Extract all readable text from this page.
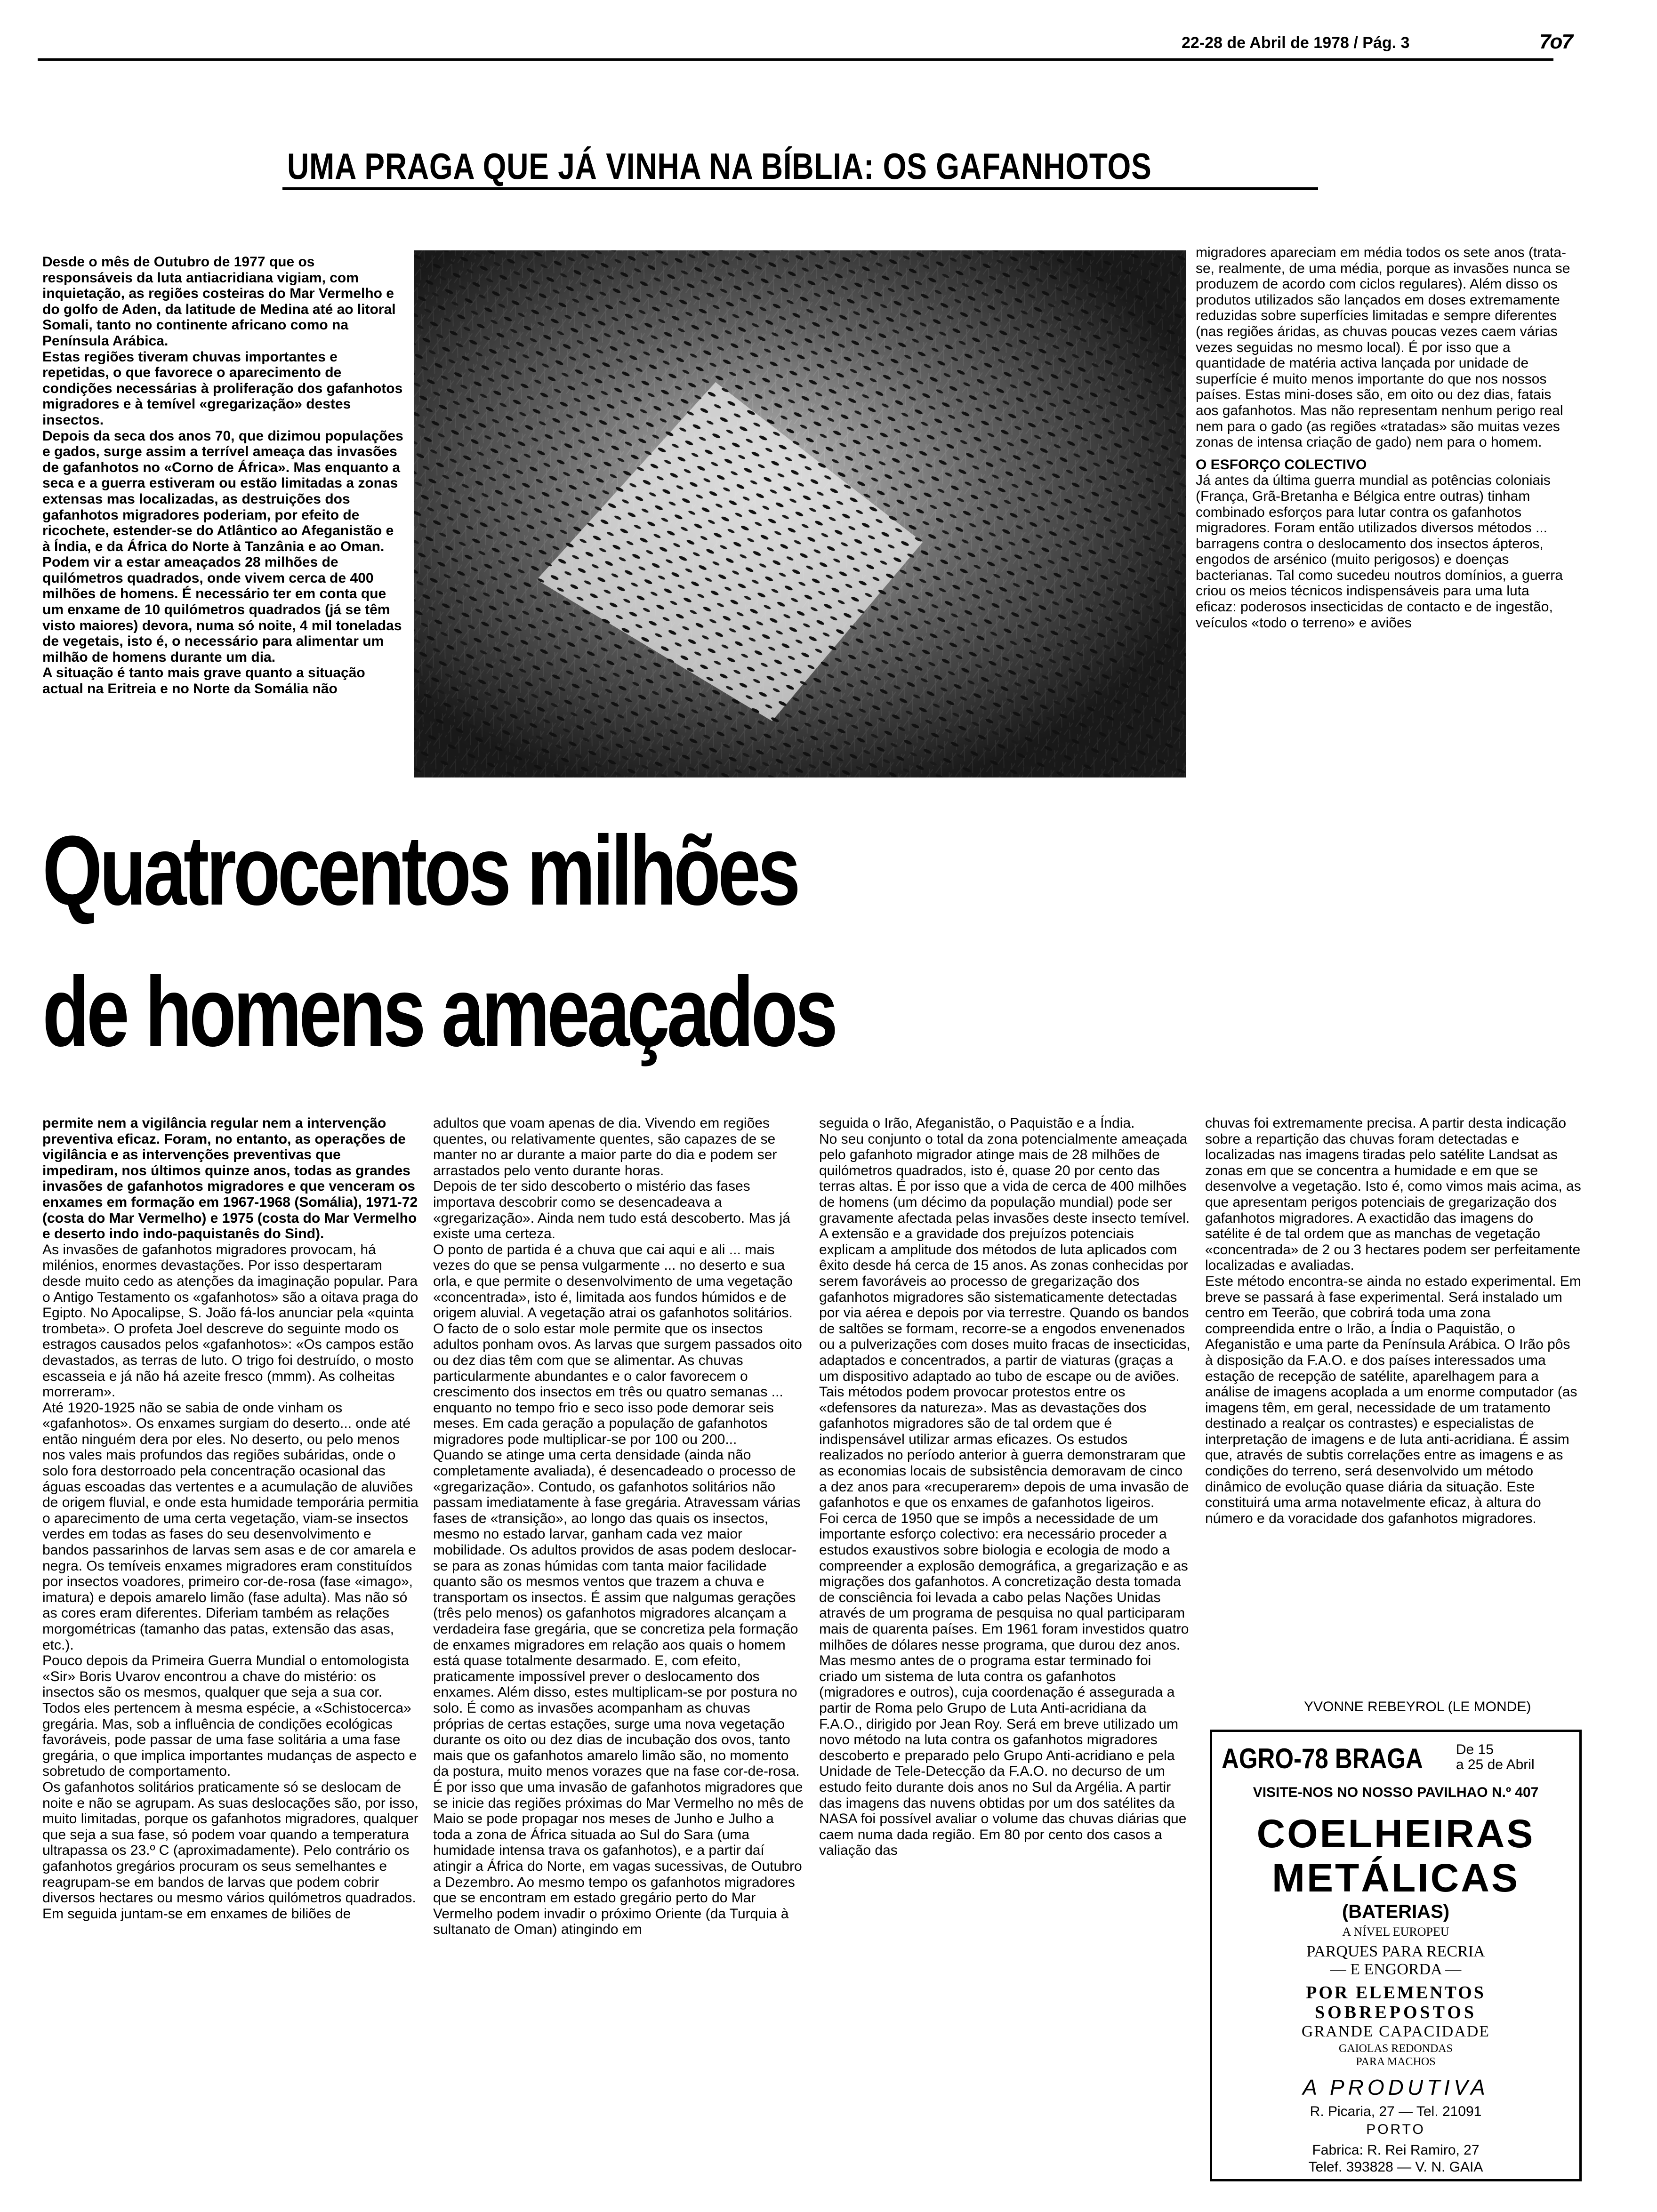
22-28 de Abril de 1978 / Pág. 3	7o7
UMA PRAGA QUE JÁ VINHA NA BÍBLIA: OS GAFANHOTOS

Desde o mês de Outubro de 1977 que os responsáveis da luta antiacridiana vigiam, com inquietação, as regiões costeiras do Mar Vermelho e do golfo de Aden, da latitude de Medina até ao litoral Somali, tanto no continente africano como na Península Arábica.

Estas regiões tiveram chuvas importantes e repetidas, o que favorece o aparecimento de condições necessárias à proliferação dos gafanhotos migradores e à temível «gregarização» destes insectos.

Depois da seca dos anos 70, que dizimou populações e gados, surge assim a terrível ameaça das invasões de gafanhotos no «Corno de África». Mas enquanto a seca e a guerra estiveram ou estão limitadas a zonas extensas mas localizadas, as destruições dos gafanhotos migradores poderiam, por efeito de ricochete, estender-se do Atlântico ao Afeganistão e à Índia, e da África do Norte à Tanzânia e ao Oman.

Podem vir a estar ameaçados 28 milhões de quilómetros quadrados, onde vivem cerca de 400 milhões de homens. É necessário ter em conta que um enxame de 10 quilómetros quadrados (já se têm visto maiores) devora, numa só noite, 4 mil toneladas de vegetais, isto é, o necessário para alimentar um milhão de homens durante um dia.

A situação é tanto mais grave quanto a situação actual na Eritreia e no Norte da Somália não

migradores apareciam em média todos os sete anos (trata-se, realmente, de uma média, porque as invasões nunca se produzem de acordo com ciclos regulares). Além disso os produtos utilizados são lançados em doses extremamente reduzidas sobre superfícies limitadas e sempre diferentes (nas regiões áridas, as chuvas poucas vezes caem várias vezes seguidas no mesmo local). É por isso que a quantidade de matéria activa lançada por unidade de superfície é muito menos importante do que nos nossos países. Estas mini-doses são, em oito ou dez dias, fatais aos gafanhotos. Mas não representam nenhum perigo real nem para o gado (as regiões «tratadas» são muitas vezes zonas de intensa criação de gado) nem para o homem.

O ESFORÇO COLECTIVO

Já antes da última guerra mundial as potências coloniais (França, Grã-Bretanha e Bélgica entre outras) tinham combinado esforços para lutar contra os gafanhotos migradores. Foram então utilizados diversos métodos ... barragens contra o deslocamento dos insectos ápteros, engodos de arsénico (muito perigosos) e doenças bacterianas. Tal como sucedeu noutros domínios, a guerra criou os meios técnicos indispensáveis para uma luta eficaz: poderosos insecticidas de contacto e de ingestão, veículos «todo o terreno» e aviões

Quatrocentos milhões
de homens ameaçados

permite nem a vigilância regular nem a intervenção preventiva eficaz. Foram, no entanto, as operações de vigilância e as intervenções preventivas que impediram, nos últimos quinze anos, todas as grandes invasões de gafanhotos migradores e que venceram os enxames em formação em 1967-1968 (Somália), 1971-72 (costa do Mar Vermelho) e 1975 (costa do Mar Vermelho e deserto indo indo-paquistanês do Sind).

As invasões de gafanhotos migradores provocam, há milénios, enormes devastações. Por isso despertaram desde muito cedo as atenções da imaginação popular. Para o Antigo Testamento os «gafanhotos» são a oitava praga do Egipto. No Apocalipse, S. João fá-los anunciar pela «quinta trombeta». O profeta Joel descreve do seguinte modo os estragos causados pelos «gafanhotos»: «Os campos estão devastados, as terras de luto. O trigo foi destruído, o mosto escasseia e já não há azeite fresco (mmm). As colheitas morreram».

Até 1920-1925 não se sabia de onde vinham os «gafanhotos». Os enxames surgiam do deserto... onde até então ninguém dera por eles. No deserto, ou pelo menos nos vales mais profundos das regiões subáridas, onde o solo fora destorroado pela concentração ocasional das águas escoadas das vertentes e a acumulação de aluviões de origem fluvial, e onde esta humidade temporária permitia o aparecimento de uma certa vegetação, viam-se insectos verdes em todas as fases do seu desenvolvimento e bandos passarinhos de larvas sem asas e de cor amarela e negra. Os temíveis enxames migradores eram constituídos por insectos voadores, primeiro cor-de-rosa (fase «imago», imatura) e depois amarelo limão (fase adulta). Mas não só as cores eram diferentes. Diferiam também as relações morgométricas (tamanho das patas, extensão das asas, etc.).

Pouco depois da Primeira Guerra Mundial o entomologista «Sir» Boris Uvarov encontrou a chave do mistério: os insectos são os mesmos, qualquer que seja a sua cor. Todos eles pertencem à mesma espécie, a «Schistocerca» gregária. Mas, sob a influência de condições ecológicas favoráveis, pode passar de uma fase solitária a uma fase gregária, o que implica importantes mudanças de aspecto e sobretudo de comportamento.

Os gafanhotos solitários praticamente só se deslocam de noite e não se agrupam. As suas deslocações são, por isso, muito limitadas, porque os gafanhotos migradores, qualquer que seja a sua fase, só podem voar quando a temperatura ultrapassa os 23.º C (aproximadamente). Pelo contrário os gafanhotos gregários procuram os seus semelhantes e reagrupam-se em bandos de larvas que podem cobrir diversos hectares ou mesmo vários quilómetros quadrados. Em seguida juntam-se em enxames de biliões de

adultos que voam apenas de dia. Vivendo em regiões quentes, ou relativamente quentes, são capazes de se manter no ar durante a maior parte do dia e podem ser arrastados pelo vento durante horas.

Depois de ter sido descoberto o mistério das fases importava descobrir como se desencadeava a «gregarização». Ainda nem tudo está descoberto. Mas já existe uma certeza.

O ponto de partida é a chuva que cai aqui e ali ... mais vezes do que se pensa vulgarmente ... no deserto e sua orla, e que permite o desenvolvimento de uma vegetação «concentrada», isto é, limitada aos fundos húmidos e de origem aluvial. A vegetação atrai os gafanhotos solitários. O facto de o solo estar mole permite que os insectos adultos ponham ovos. As larvas que surgem passados oito ou dez dias têm com que se alimentar. As chuvas particularmente abundantes e o calor favorecem o crescimento dos insectos em três ou quatro semanas ... enquanto no tempo frio e seco isso pode demorar seis meses. Em cada geração a população de gafanhotos migradores pode multiplicar-se por 100 ou 200...

Quando se atinge uma certa densidade (ainda não completamente avaliada), é desencadeado o processo de «gregarização». Contudo, os gafanhotos solitários não passam imediatamente à fase gregária. Atravessam várias fases de «transição», ao longo das quais os insectos, mesmo no estado larvar, ganham cada vez maior mobilidade. Os adultos providos de asas podem deslocar-se para as zonas húmidas com tanta maior facilidade quanto são os mesmos ventos que trazem a chuva e transportam os insectos. É assim que nalgumas gerações (três pelo menos) os gafanhotos migradores alcançam a verdadeira fase gregária, que se concretiza pela formação de enxames migradores em relação aos quais o homem está quase totalmente desarmado. E, com efeito, praticamente impossível prever o deslocamento dos enxames. Além disso, estes multiplicam-se por postura no solo. É como as invasões acompanham as chuvas próprias de certas estações, surge uma nova vegetação durante os oito ou dez dias de incubação dos ovos, tanto mais que os gafanhotos amarelo limão são, no momento da postura, muito menos vorazes que na fase cor-de-rosa.

É por isso que uma invasão de gafanhotos migradores que se inicie das regiões próximas do Mar Vermelho no mês de Maio se pode propagar nos meses de Junho e Julho a toda a zona de África situada ao Sul do Sara (uma humidade intensa trava os gafanhotos), e a partir daí atingir a África do Norte, em vagas sucessivas, de Outubro a Dezembro. Ao mesmo tempo os gafanhotos migradores que se encontram em estado gregário perto do Mar Vermelho podem invadir o próximo Oriente (da Turquia à sultanato de Oman) atingindo em

seguida o Irão, Afeganistão, o Paquistão e a Índia.

No seu conjunto o total da zona potencialmente ameaçada pelo gafanhoto migrador atinge mais de 28 milhões de quilómetros quadrados, isto é, quase 20 por cento das terras altas. É por isso que a vida de cerca de 400 milhões de homens (um décimo da população mundial) pode ser gravamente afectada pelas invasões deste insecto temível.

A extensão e a gravidade dos prejuízos potenciais explicam a amplitude dos métodos de luta aplicados com êxito desde há cerca de 15 anos. As zonas conhecidas por serem favoráveis ao processo de gregarização dos gafanhotos migradores são sistematicamente detectadas por via aérea e depois por via terrestre. Quando os bandos de saltões se formam, recorre-se a engodos envenenados ou a pulverizações com doses muito fracas de insecticidas, adaptados e concentrados, a partir de viaturas (graças a um dispositivo adaptado ao tubo de escape ou de aviões. Tais métodos podem provocar protestos entre os «defensores da natureza». Mas as devastações dos gafanhotos migradores são de tal ordem que é indispensável utilizar armas eficazes. Os estudos realizados no período anterior à guerra demonstraram que as economias locais de subsistência demoravam de cinco a dez anos para «recuperarem» depois de uma invasão de gafanhotos e que os enxames de gafanhotos ligeiros.

Foi cerca de 1950 que se impôs a necessidade de um importante esforço colectivo: era necessário proceder a estudos exaustivos sobre biologia e ecologia de modo a compreender a explosão demográfica, a gregarização e as migrações dos gafanhotos. A concretização desta tomada de consciência foi levada a cabo pelas Nações Unidas através de um programa de pesquisa no qual participaram mais de quarenta países. Em 1961 foram investidos quatro milhões de dólares nesse programa, que durou dez anos. Mas mesmo antes de o programa estar terminado foi criado um sistema de luta contra os gafanhotos (migradores e outros), cuja coordenação é assegurada a partir de Roma pelo Grupo de Luta Anti-acridiana da F.A.O., dirigido por Jean Roy. Será em breve utilizado um novo método na luta contra os gafanhotos migradores descoberto e preparado pelo Grupo Anti-acridiano e pela Unidade de Tele-Detecção da F.A.O. no decurso de um estudo feito durante dois anos no Sul da Argélia. A partir das imagens das nuvens obtidas por um dos satélites da NASA foi possível avaliar o volume das chuvas diárias que caem numa dada região. Em 80 por cento dos casos a valiação das

chuvas foi extremamente precisa. A partir desta indicação sobre a repartição das chuvas foram detectadas e localizadas nas imagens tiradas pelo satélite Landsat as zonas em que se concentra a humidade e em que se desenvolve a vegetação. Isto é, como vimos mais acima, as que apresentam perigos potenciais de gregarização dos gafanhotos migradores. A exactidão das imagens do satélite é de tal ordem que as manchas de vegetação «concentrada» de 2 ou 3 hectares podem ser perfeitamente localizadas e avaliadas.

Este método encontra-se ainda no estado experimental. Em breve se passará à fase experimental. Será instalado um centro em Teerão, que cobrirá toda uma zona compreendida entre o Irão, a Índia o Paquistão, o Afeganistão e uma parte da Península Arábica. O Irão pôs à disposição da F.A.O. e dos países interessados uma estação de recepção de satélite, aparelhagem para a análise de imagens acoplada a um enorme computador (as imagens têm, em geral, necessidade de um tratamento destinado a realçar os contrastes) e especialistas de interpretação de imagens e de luta anti-acridiana. É assim que, através de subtis correlações entre as imagens e as condições do terreno, será desenvolvido um método dinâmico de evolução quase diária da situação. Este constituirá uma arma notavelmente eficaz, à altura do número e da voracidade dos gafanhotos migradores.

YVONNE REBEYROL (LE MONDE)
AGRO-78 BRAGA De 15
a 25 de Abril
VISITE-NOS NO NOSSO PAVILHAO N.º 407
COELHEIRAS
METÁLICAS
(BATERIAS)
A NÍVEL EUROPEU
PARQUES PARA RECRIA
— E ENGORDA —
POR ELEMENTOS
SOBREPOSTOS
GRANDE CAPACIDADE
GAIOLAS REDONDAS
PARA MACHOS
A PRODUTIVA
R. Picaria, 27 — Tel. 21091
PORTO
Fabrica: R. Rei Ramiro, 27
Telef. 393828 — V. N. GAIA
